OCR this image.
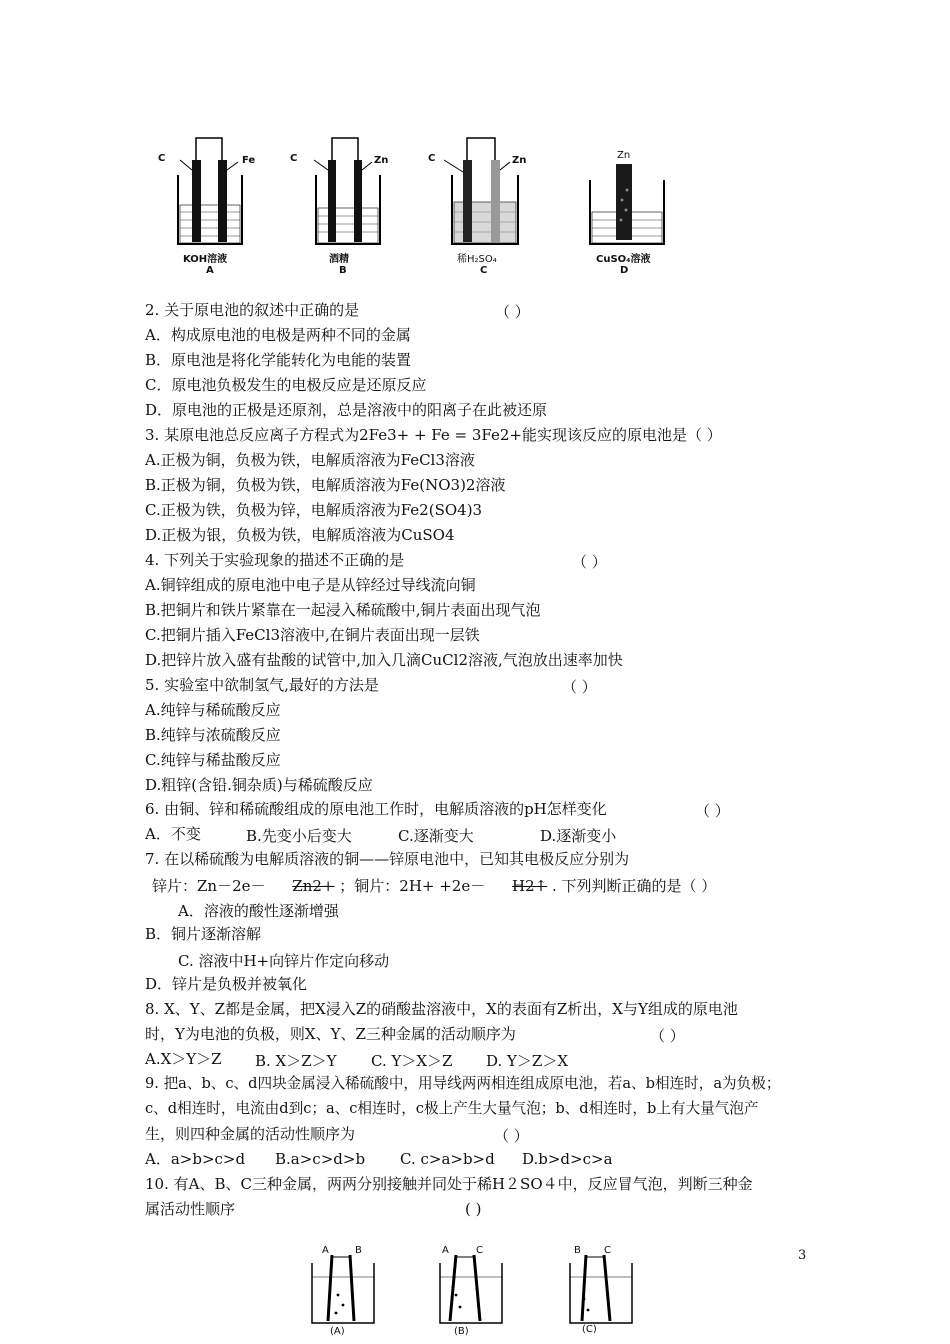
C	Fe
KOH溶液
A
C	Zn
酒精
B
C	Zn
稀H₂SO₄
C
Zn
CuSO₄溶液
D
2. 关于原电池的叙述中正确的是	（ ）
A．构成原电池的电极是两种不同的金属
B．原电池是将化学能转化为电能的装置
C．原电池负极发生的电极反应是还原反应
D．原电池的正极是还原剂，总是溶液中的阳离子在此被还原
3. 某原电池总反应离子方程式为2Fe3+ + Fe = 3Fe2+能实现该反应的原电池是（ ）
A.正极为铜，负极为铁，电解质溶液为FeCl3溶液
B.正极为铜，负极为铁，电解质溶液为Fe(NO3)2溶液
C.正极为铁，负极为锌，电解质溶液为Fe2(SO4)3
D.正极为银，负极为铁，电解质溶液为CuSO4
4. 下列关于实验现象的描述不正确的是	（ ）
A.铜锌组成的原电池中电子是从锌经过导线流向铜
B.把铜片和铁片紧靠在一起浸入稀硫酸中,铜片表面出现气泡
C.把铜片插入FeCl3溶液中,在铜片表面出现一层铁
D.把锌片放入盛有盐酸的试管中,加入几滴CuCl2溶液,气泡放出速率加快
5. 实验室中欲制氢气,最好的方法是	（ ）
A.纯锌与稀硫酸反应
B.纯锌与浓硫酸反应
C.纯锌与稀盐酸反应
D.粗锌(含铅.铜杂质)与稀硫酸反应
6. 由铜、锌和稀硫酸组成的原电池工作时，电解质溶液的pH怎样变化	（ ）
A．不变	B.先变小后变大	C.逐渐变大	D.逐渐变小
7. 在以稀硫酸为电解质溶液的铜——锌原电池中，已知其电极反应分别为
锌片：Zn－2e－ Zn2+ ；铜片：2H+ +2e－ H2↑ . 下列判断正确的是（ ）
A．溶液的酸性逐渐增强
B．铜片逐渐溶解
C. 溶液中H+向锌片作定向移动
D．锌片是负极并被氧化
8. X、Y、Z都是金属，把X浸入Z的硝酸盐溶液中，X的表面有Z析出，X与Y组成的原电池
时，Y为电池的负极，则X、Y、Z三种金属的活动顺序为	（ ）
A.X＞Y＞Z B. X＞Z＞Y C. Y＞X＞Z D. Y＞Z＞X
9. 把a、b、c、d四块金属浸入稀硫酸中，用导线两两相连组成原电池，若a、b相连时，a为负极；
c、d相连时，电流由d到c；a、c相连时，c极上产生大量气泡；b、d相连时，b上有大量气泡产
生，则四种金属的活动性顺序为	（ ）
A．a>b>c>d B.a>c>d>b C. c>a>b>d D.b>d>c>a
10. 有A、B、C三种金属，两两分别接触并同处于稀H２SO４中，反应冒气泡，判断三种金
属活动性顺序	( )
3
A	B
(A)
A	C
(B)
B C
(C)
